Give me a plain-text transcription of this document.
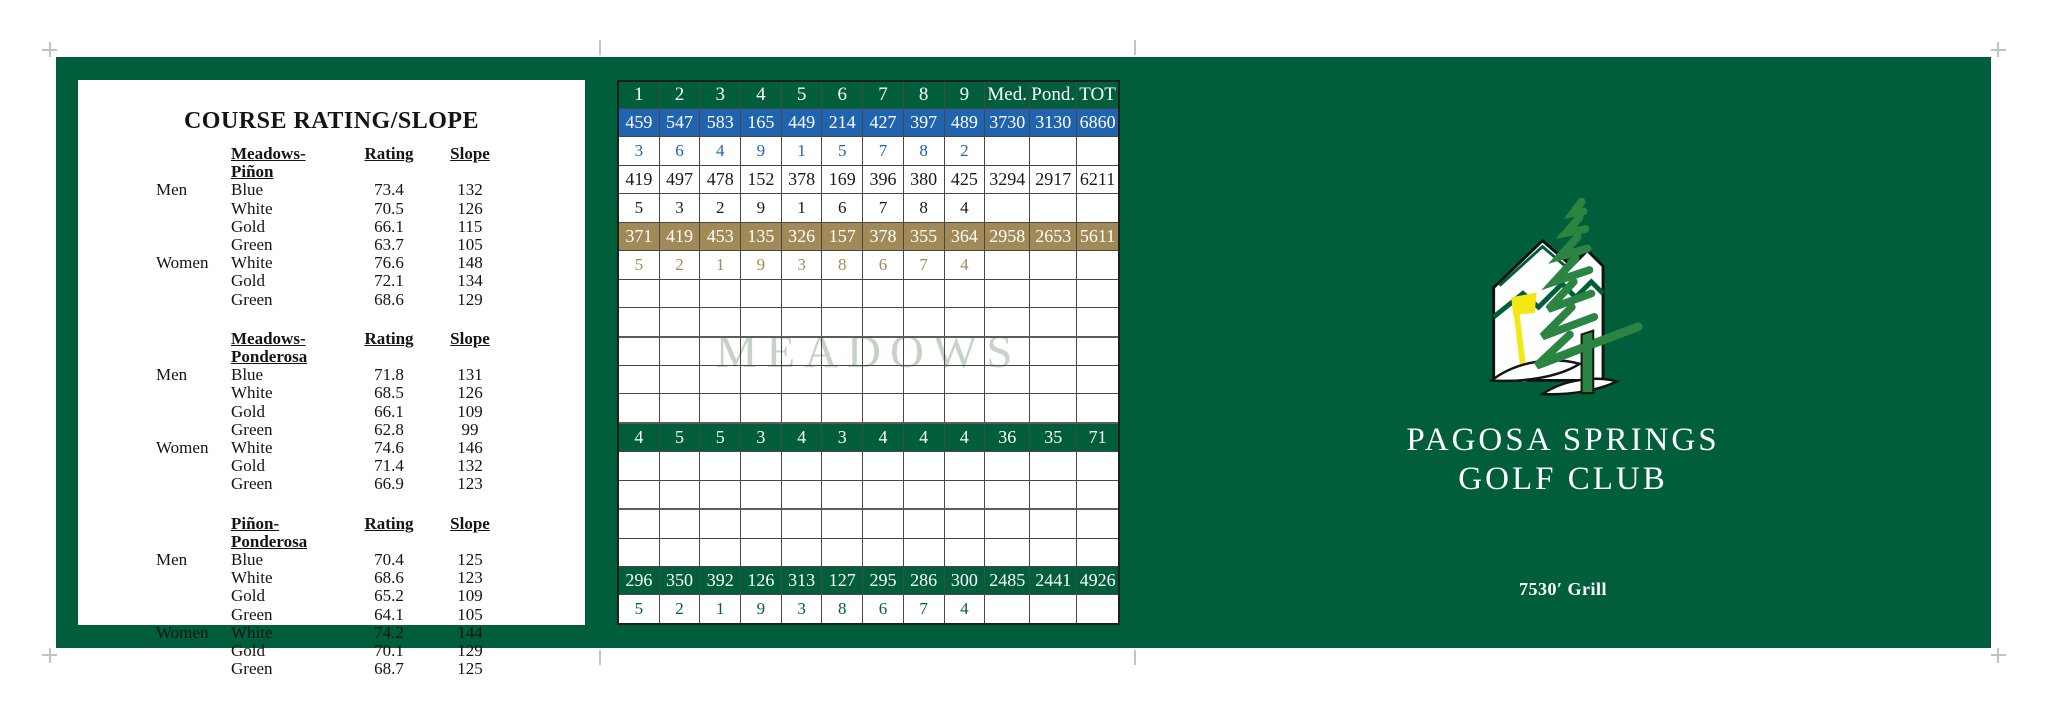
COURSE RATING/SLOPE
Meadows-Piñon
Rating	Slope
Men	Blue	73.4	132
White	70.5	126
Gold	66.1	115
Green	63.7	105
Women	White	76.6	148
Gold	72.1	134
Green	68.6	129
Meadows-Ponderosa
Rating	Slope
Men	Blue	71.8	131
White	68.5	126
Gold	66.1	109
Green	62.8	99
Women	White	74.6	146
Gold	71.4	132
Green	66.9	123
Piñon-Ponderosa
Rating	Slope
Men	Blue	70.4	125
White	68.6	123
Gold	65.2	109
Green	64.1	105
Women	White	74.2	144
Gold	70.1	129
Green	68.7	125
MEADOWS
1	2	3	4	5	6	7	8	9 Med. Pond. TOT
459 547 583 165 449 214 427 397 489 3730 3130 6860
3	6	4	9	1	5	7	8	2
419 497 478 152 378 169 396 380 425 3294 2917 6211
5	3	2	9	1	6	7	8	4
371 419 453 135 326 157 378 355 364 2958 2653 5611
5	2	1	9	3	8	6	7	4
4	5	5	3	4	3	4	4	4	36	35	71
296 350 392 126 313 127 295 286 300 2485 2441 4926
5	2	1	9	3	8	6	7	4
PAGOSA SPRINGS
GOLF CLUB
7530′ Grill
